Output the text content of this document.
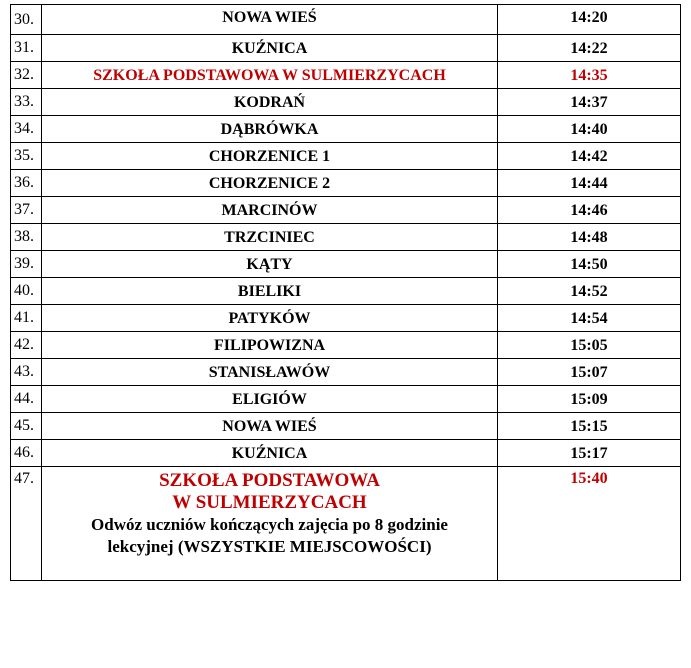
30.	NOWA WIEŚ	14:20
31.	KUŹNICA	14:22
32.	SZKOŁA PODSTAWOWA W SULMIERZYCACH	14:35
33.	KODRAŃ	14:37
34.	DĄBRÓWKA	14:40
35.	CHORZENICE 1	14:42
36.	CHORZENICE 2	14:44
37.	MARCINÓW	14:46
38.	TRZCINIEC	14:48
39.	KĄTY	14:50
40.	BIELIKI	14:52
41.	PATYKÓW	14:54
42.	FILIPOWIZNA	15:05
43.	STANISŁAWÓW	15:07
44.	ELIGIÓW	15:09
45.	NOWA WIEŚ	15:15
46.	KUŹNICA	15:17
47.	SZKOŁA PODSTAWOWA
W SULMIERZYCACH
Odwóz uczniów kończących zajęcia po 8 godzinie
lekcyjnej (WSZYSTKIE MIEJSCOWOŚCI)	15:40
